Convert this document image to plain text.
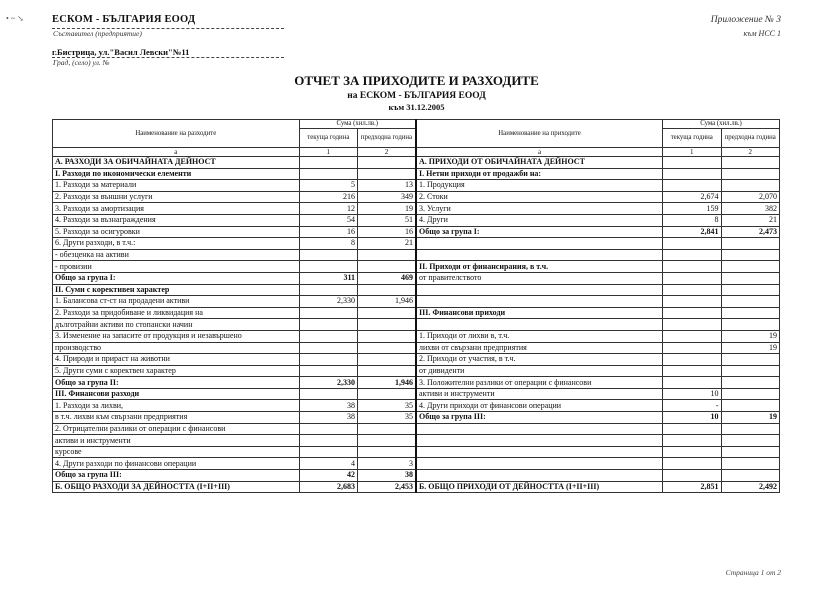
• ~ ↘	ЕСКОМ - БЪЛГАРИЯ ЕООД
Съставител (предприятие)
г.Бистрица, ул."Васил Левски"№11
Град, (село) ул. №
Приложение № 3
към НСС 1
ОТЧЕТ ЗА ПРИХОДИТЕ И РАЗХОДИТЕ
на ЕСКОМ - БЪЛГАРИЯ ЕООД
към 31.12.2005
Наименование на разходите	Сума (хил.лв.)		Наименование на приходите	Сума (хил.лв.)	
	текуща година	предходна година		текуща година	предходна година
а	1	2	а	1	2
А. РАЗХОДИ ЗА ОБИЧАЙНАТА ДЕЙНОСТ			А. ПРИХОДИ ОТ ОБИЧАЙНАТА ДЕЙНОСТ		
I. Разходи по икономически елементи			I. Нетни приходи от продажби на:		
1. Разходи за материали	5	13	1. Продукция		
2. Разходи за външни услуги	216	349	2. Стоки	2,674	2,070
3. Разходи за амортизация	12	19	3. Услуги	159	382
4. Разходи за възнаграждения	54	51	4. Други	8	21
5. Разходи за осигуровки	16	16	Общо за група I:	2,841	2,473
6. Други разходи, в т.ч.:	8	21			
- обезценка на активи					
- провизии			II. Приходи от финансирания, в т.ч.		
Общо за група I:	311	469	от правителството		
II. Суми с корективен характер					
1. Балансова ст-ст на продадени активи	2,330	1,946			
2. Разходи за придобиване и ликвидация на			III. Финансови приходи		
дълготрайни активи по стопански начин					
3. Изменение на запасите от продукция и незавършено			1. Приходи от лихви в, т.ч.		19
производство			лихви от свързани предприятия		19
4. Природи и прираст на животни			2. Приходи от участия, в т.ч.		
5. Други суми с коректвен характер			от дивиденти		
Общо за група II:	2,330	1,946	3. Положителни разлики от операции с финансови		
III. Финансови разходи			активи и инструменти	10	
1. Разходи за лихви,	38	35	4. Други приходи от финансови операции	-	
в т.ч. лихви към свързани предприятия	38	35	Общо за група III:	10	19
2. Отрицателни разлики от операции с финансови					
активи и инструменти					
курсове					
4. Други разходи по финансови операции	4	3			
Общо за група III:	42	38			
Б. ОБЩО РАЗХОДИ ЗА ДЕЙНОСТТА (I+II+III)	2,683	2,453	Б. ОБЩО ПРИХОДИ ОТ ДЕЙНОСТТА (I+II+III)	2,851	2,492
Страница 1 от 2
